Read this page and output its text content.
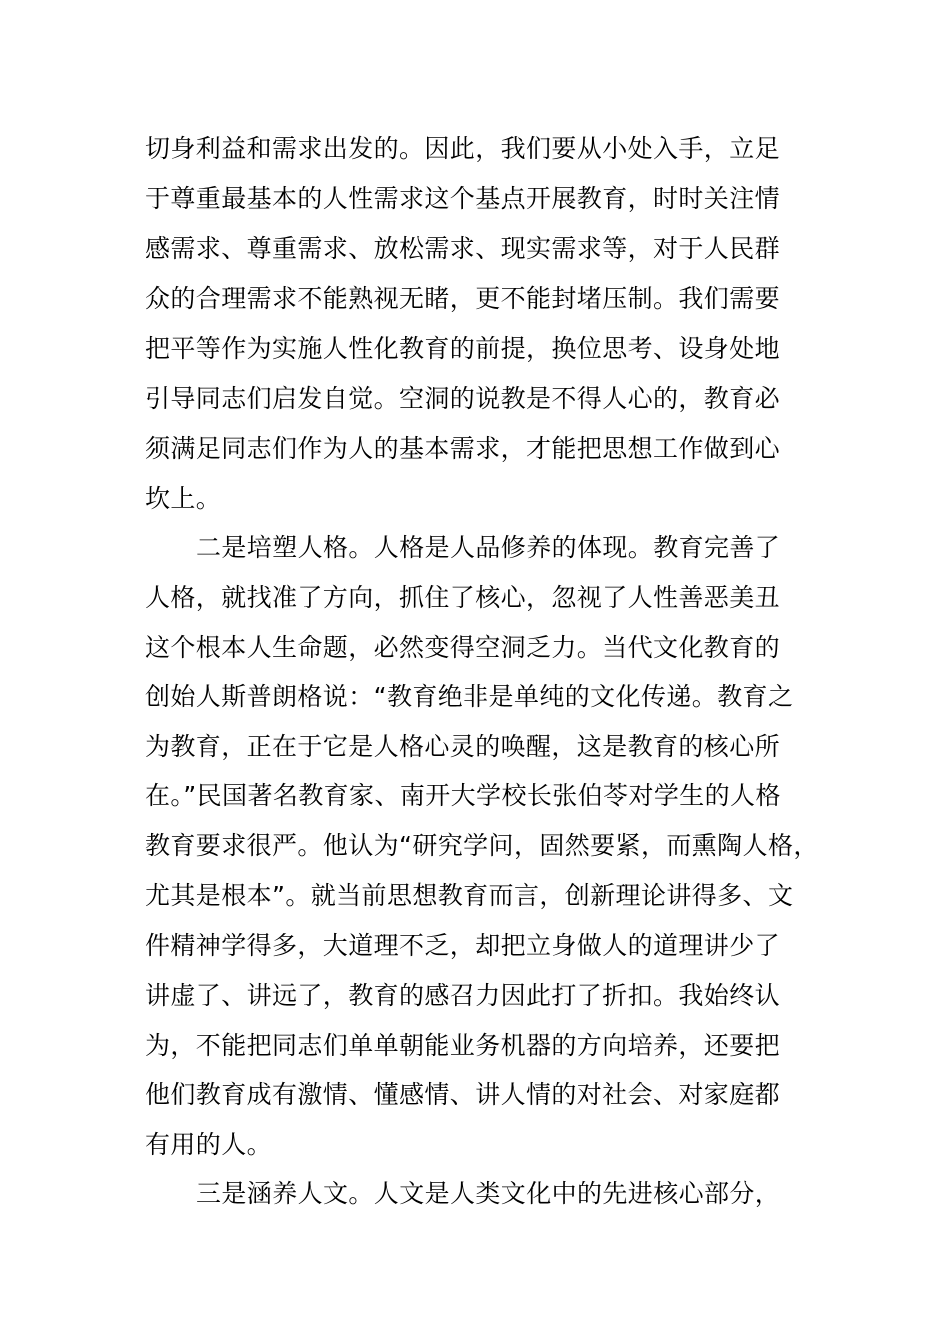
切身利益和需求出发的。因此，我们要从小处入手，立足
于尊重最基本的人性需求这个基点开展教育，时时关注情
感需求、尊重需求、放松需求、现实需求等，对于人民群
众的合理需求不能熟视无睹，更不能封堵压制。我们需要
把平等作为实施人性化教育的前提，换位思考、设身处地
引导同志们启发自觉。空洞的说教是不得人心的，教育必
须满足同志们作为人的基本需求，才能把思想工作做到心
坎上。
二是培塑人格。人格是人品修养的体现。教育完善了
人格，就找准了方向，抓住了核心，忽视了人性善恶美丑
这个根本人生命题，必然变得空洞乏力。当代文化教育的
创始人斯普朗格说：“教育绝非是单纯的文化传递。教育之
为教育，正在于它是人格心灵的唤醒，这是教育的核心所
在。”民国著名教育家、南开大学校长张伯苓对学生的人格
教育要求很严。他认为“研究学问，固然要紧，而熏陶人格，
尤其是根本”。就当前思想教育而言，创新理论讲得多、文
件精神学得多，大道理不乏，却把立身做人的道理讲少了
讲虚了、讲远了，教育的感召力因此打了折扣。我始终认
为，不能把同志们单单朝能业务机器的方向培养，还要把
他们教育成有激情、懂感情、讲人情的对社会、对家庭都
有用的人。
三是涵养人文。人文是人类文化中的先进核心部分，
